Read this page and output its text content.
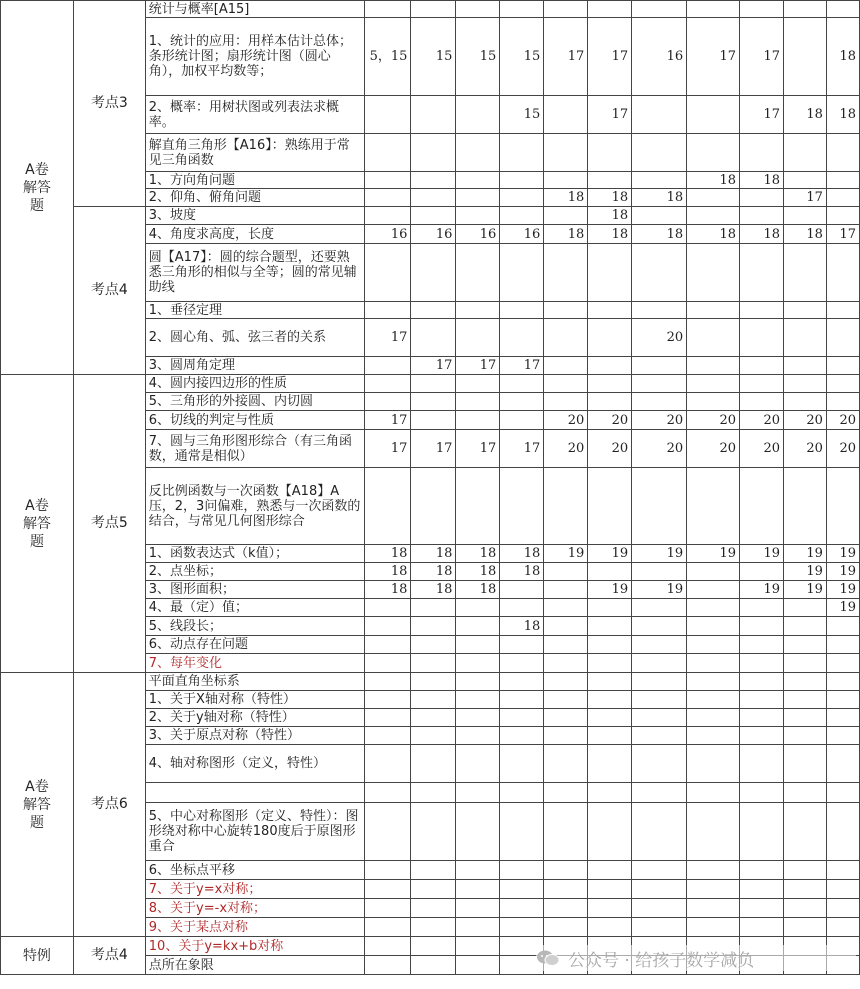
A卷
解答
题	考点3	统计与概率[A15]											
		1、统计的应用：用样本估计总体；条形统计图；扇形统计图（圆心角），加权平均数等；	5，15	15	15	15	17	17	16	17	17		18
		2、概率：用树状图或列表法求概率。				15		17			17	18	18
		解直角三角形【A16】：熟练用于常见三角函数											
		1、方向角问题								18	18		
		2、仰角、俯角问题					18	18	18			17	
	考点4	3、坡度						18					
		4、角度求高度，长度	16	16	16	16	18	18	18	18	18	18	17
		圆【A17】：圆的综合题型，还要熟悉三角形的相似与全等；圆的常见辅助线											
		1、垂径定理											
		2、圆心角、弧、弦三者的关系	17						20				
		3、圆周角定理		17	17	17							
A卷
解答
题	考点5	4、圆内接四边形的性质											
		5、三角形的外接圆、内切圆											
		6、切线的判定与性质	17				20	20	20	20	20	20	20
		7、圆与三角形图形综合（有三角函数，通常是相似）	17	17	17	17	20	20	20	20	20	20	20
		反比例函数与一次函数【A18】A压，2，3问偏难，熟悉与一次函数的结合，与常见几何图形综合											
		1、函数表达式（k值）；	18	18	18	18	19	19	19	19	19	19	19
		2、点坐标；	18	18	18	18						19	19
		3、图形面积；	18	18	18			19	19		19	19	19
		4、最（定）值；											19
		5、线段长；				18							
		6、动点存在问题											
		7、每年变化											
A卷
解答
题	考点6	平面直角坐标系											
		1、关于X轴对称（特性）											
		2、关于y轴对称（特性）											
		3、关于原点对称（特性）											
		4、轴对称图形（定义，特性）											

		5、中心对称图形（定义、特性）：图形绕对称中心旋转180度后于原图形重合											
		6、坐标点平移											
		7、关于y=x对称；											
		8、关于y=-x对称；											
		9、关于某点对称											
特例	考点4	10、关于y=kx+b对称											
		点所在象限												公众号 · 给孩子数学减负
